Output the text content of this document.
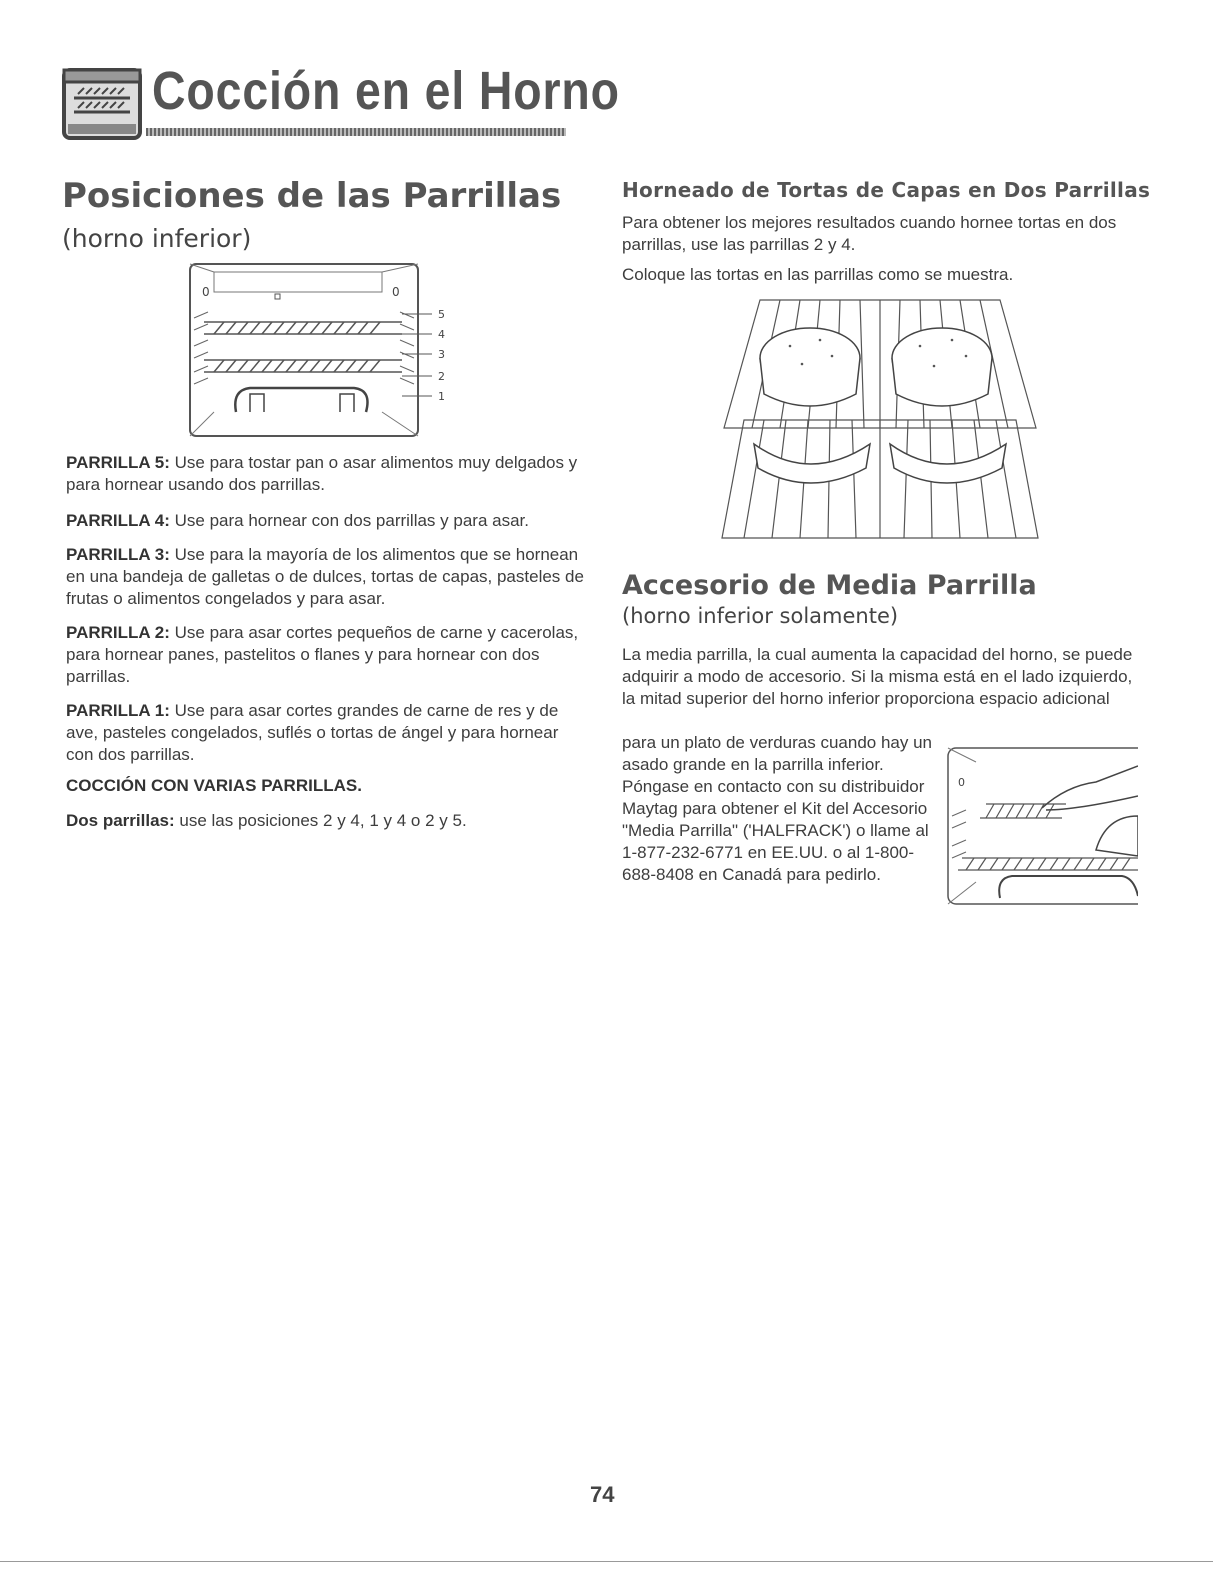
Cocción en el Horno
Posiciones de las Parrillas
(horno inferior)
0	0
5
4
3
2
1
PARRILLA 5: Use para tostar pan o asar alimentos muy delgados y para hornear usando dos parrillas.
PARRILLA 4: Use para hornear con dos parrillas y para asar.
PARRILLA 3: Use para la mayoría de los alimentos que se hornean en una bandeja de galletas o de dulces, tortas de capas, pasteles de frutas o alimentos congelados y para asar.
PARRILLA 2: Use para asar cortes pequeños de carne y cacerolas, para hornear panes, pastelitos o flanes y para hornear con dos parrillas.
PARRILLA 1: Use para asar cortes grandes de carne de res y de ave, pasteles congelados, suflés o tortas de ángel y para hornear con dos parrillas.
COCCIÓN CON VARIAS PARRILLAS.
Dos parrillas: use las posiciones 2 y 4, 1 y 4 o 2 y 5.
Horneado de Tortas de Capas en Dos Parrillas
Para obtener los mejores resultados cuando hornee tortas en dos parrillas, use las parrillas 2 y 4.
Coloque las tortas en las parrillas como se muestra.
Accesorio de Media Parrilla
(horno inferior solamente)
La media parrilla, la cual aumenta la capacidad del horno, se puede adquirir a modo de accesorio. Si la misma está en el lado izquierdo, la mitad superior del horno inferior proporciona espacio adicional
para un plato de verduras cuando hay un asado grande en la parrilla inferior. Póngase en contacto con su distribuidor Maytag para obtener el Kit del Accesorio "Media Parrilla" ('HALFRACK') o llame al 1-877-232-6771 en EE.UU. o al 1-800-688-8408 en Canadá para pedirlo.
0
74
